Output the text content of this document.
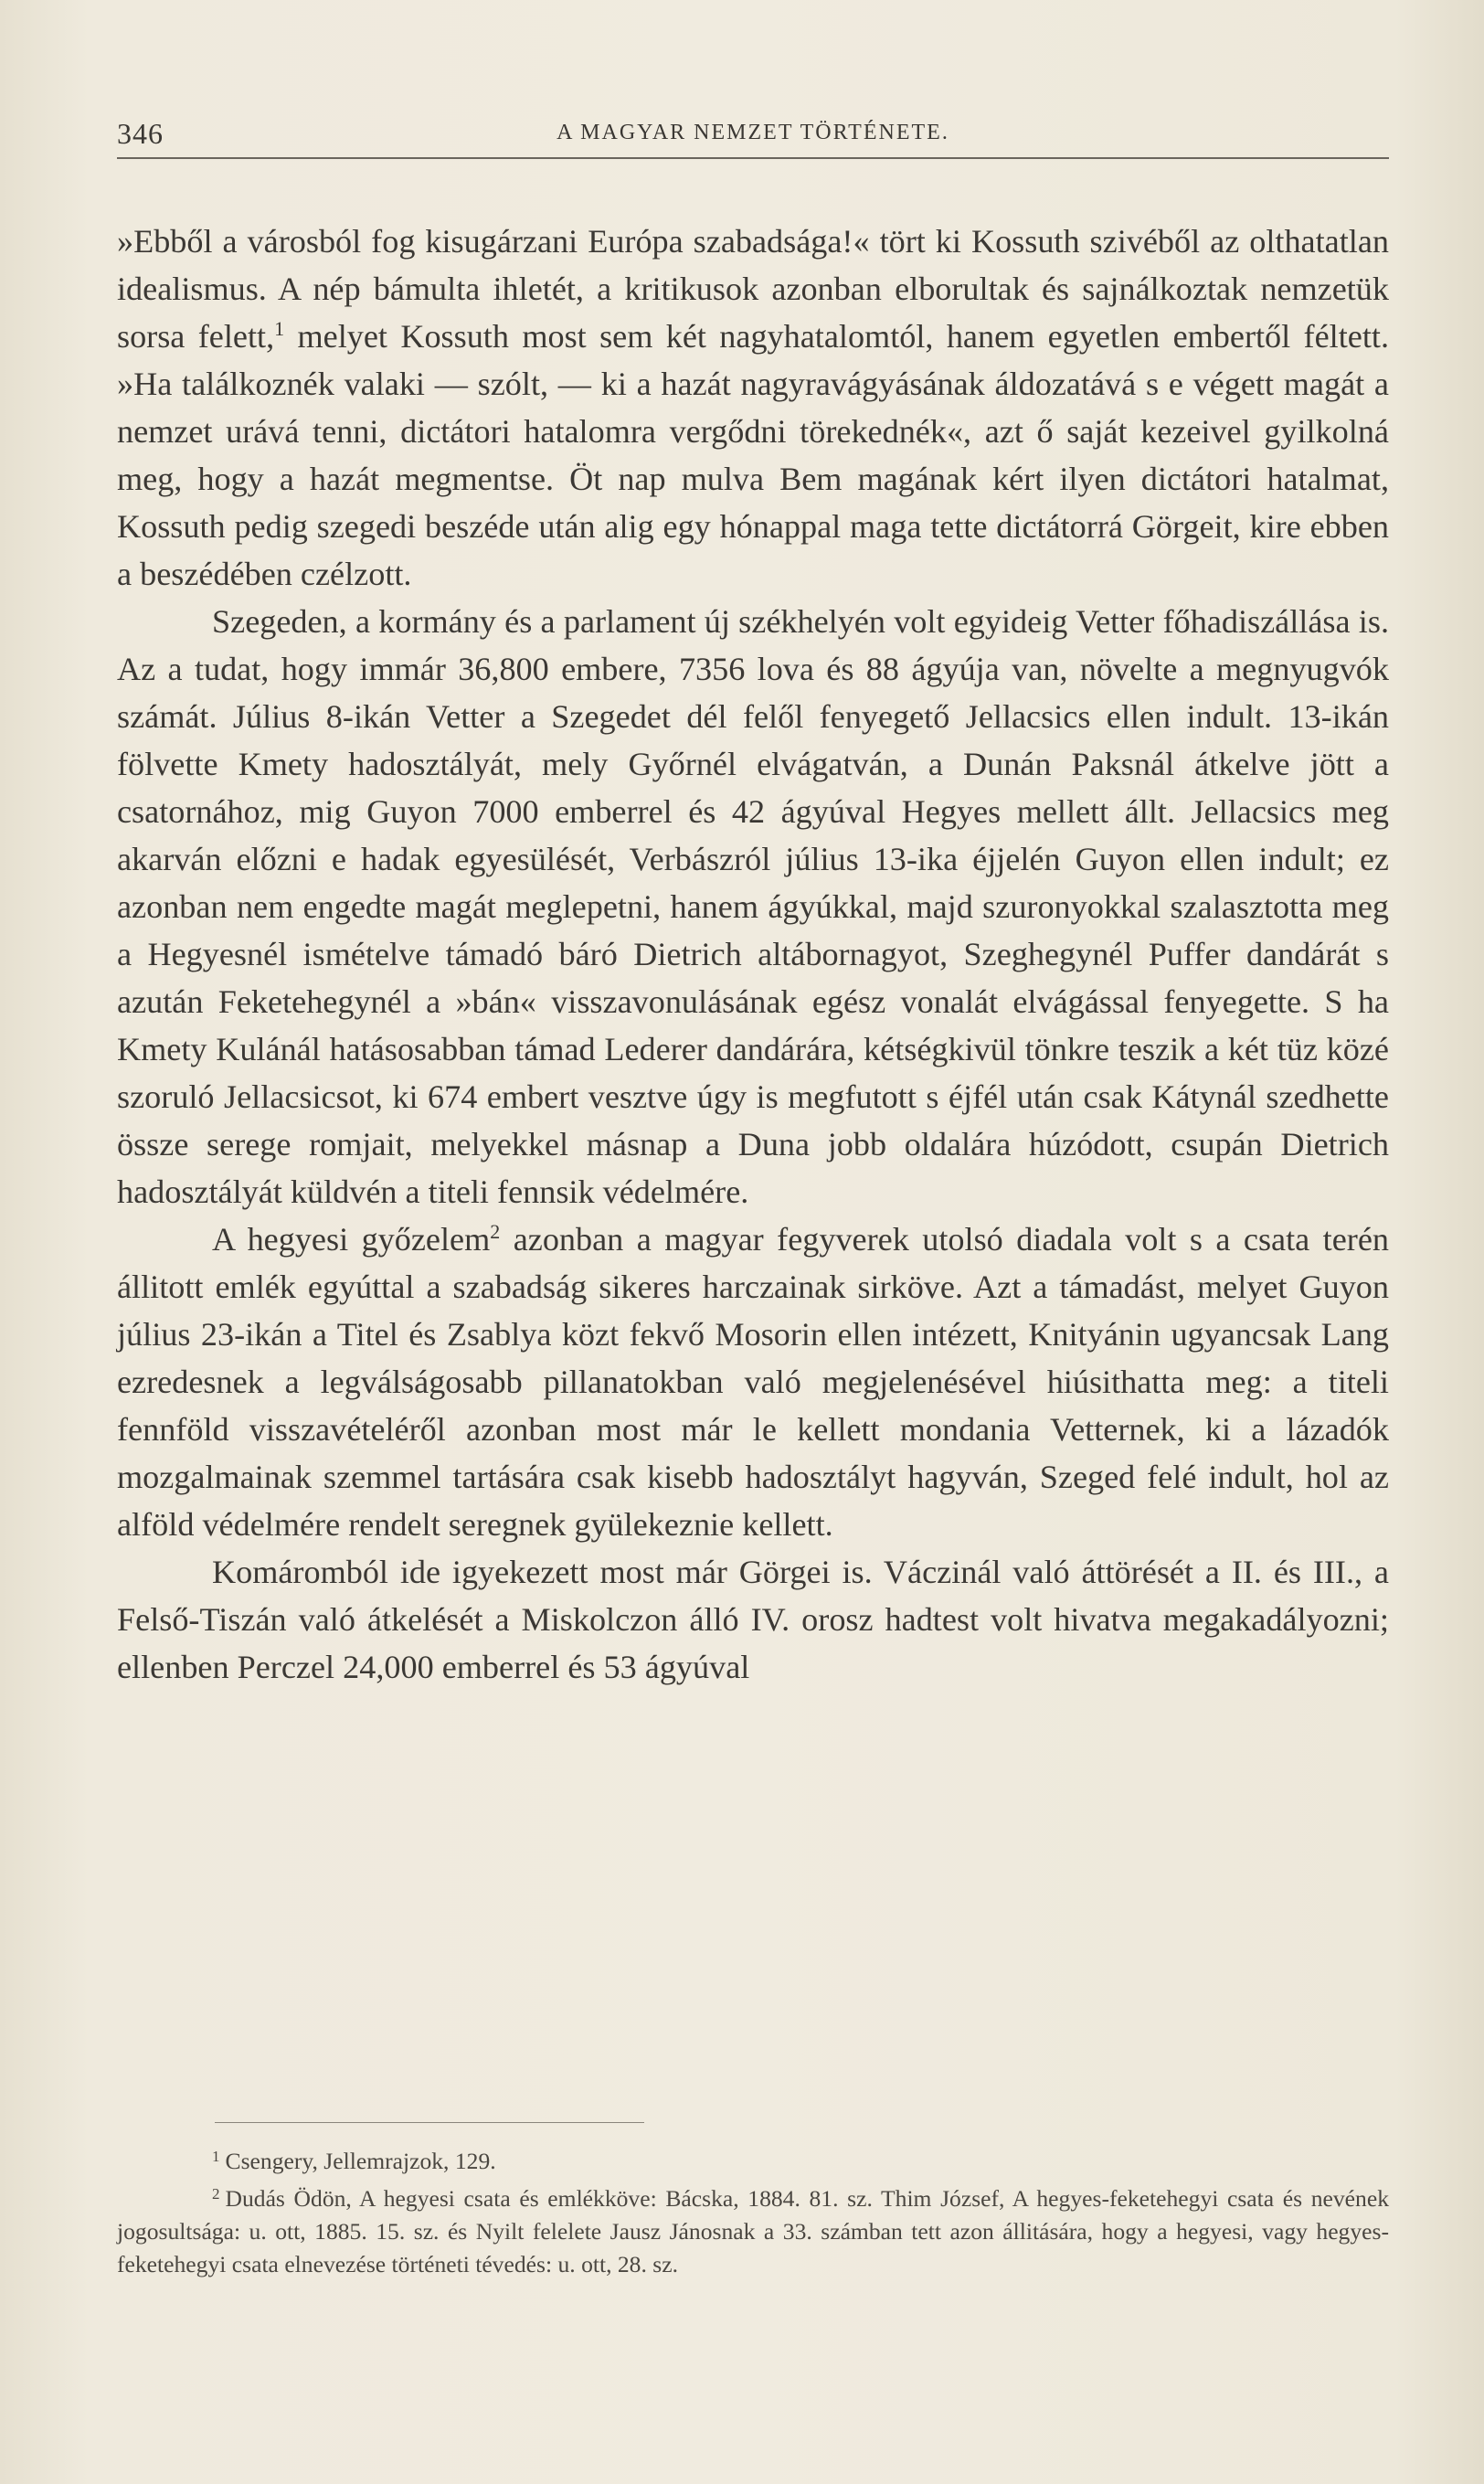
346	A MAGYAR NEMZET TÖRTÉNETE.

»Ebből a városból fog kisugárzani Európa szabadsága!« tört ki Kossuth szivéből az olthatatlan idealismus. A nép bámulta ihletét, a kritikusok azonban elborultak és sajnálkoztak nemzetük sorsa felett,$^1$ melyet Kossuth most sem két nagyhatalomtól, hanem egyetlen embertől féltett. »Ha találkoznék valaki — szólt, — ki a hazát nagyravágyásának áldozatává s e végett magát a nemzet urává tenni, dictátori hatalomra vergődni törekednék«, azt ő saját kezeivel gyilkolná meg, hogy a hazát megmentse. Öt nap mulva Bem magának kért ilyen dictátori hatalmat, Kossuth pedig szegedi beszéde után alig egy hónappal maga tette dictátorrá Görgeit, kire ebben a beszédében czélzott.

Szegeden, a kormány és a parlament új székhelyén volt egyideig Vetter főhadiszállása is. Az a tudat, hogy immár 36,800 embere, 7356 lova és 88 ágyúja van, növelte a megnyugvók számát. Július 8-ikán Vetter a Szegedet dél felől fenyegető Jellacsics ellen indult. 13-ikán fölvette Kmety hadosztályát, mely Győrnél elvágatván, a Dunán Paksnál átkelve jött a csatornához, mig Guyon 7000 emberrel és 42 ágyúval Hegyes mellett állt. Jellacsics meg akarván előzni e hadak egyesülését, Verbászról július 13-ika éjjelén Guyon ellen indult; ez azonban nem engedte magát meglepetni, hanem ágyúkkal, majd szuronyokkal szalasztotta meg a Hegyesnél ismételve támadó báró Dietrich altábornagyot, Szeghegynél Puffer dandárát s azután Feketehegynél a »bán« visszavonulásának egész vonalát elvágással fenyegette. S ha Kmety Kulánál hatásosabban támad Lederer dandárára, kétségkivül tönkre teszik a két tüz közé szoruló Jellacsicsot, ki 674 embert vesztve úgy is megfutott s éjfél után csak Kátynál szedhette össze serege romjait, melyekkel másnap a Duna jobb oldalára húzódott, csupán Dietrich hadosztályát küldvén a titeli fennsik védelmére.

A hegyesi győzelem$^2$ azonban a magyar fegyverek utolsó diadala volt s a csata terén állitott emlék egyúttal a szabadság sikeres harczainak sirköve. Azt a támadást, melyet Guyon július 23-ikán a Titel és Zsablya közt fekvő Mosorin ellen intézett, Knityánin ugyancsak Lang ezredesnek a legválságosabb pillanatokban való megjelenésével hiúsithatta meg: a titeli fennföld visszavételéről azonban most már le kellett mondania Vetternek, ki a lázadók mozgalmainak szemmel tartására csak kisebb hadosztályt hagyván, Szeged felé indult, hol az alföld védelmére rendelt seregnek gyülekeznie kellett.

Komáromból ide igyekezett most már Görgei is. Váczinál való áttörését a II. és III., a Felső-Tiszán való átkelését a Miskolczon álló IV. orosz hadtest volt hivatva megakadályozni; ellenben Perczel 24,000 emberrel és 53 ágyúval

$^1$ Csengery, Jellemrajzok, 129.

$^2$ Dudás Ödön, A hegyesi csata és emlékköve: Bácska, 1884. 81. sz. Thim József, A hegyes-feketehegyi csata és nevének jogosultsága: u. ott, 1885. 15. sz. és Nyilt felelete Jausz Jánosnak a 33. számban tett azon állitására, hogy a hegyesi, vagy hegyes-feketehegyi csata elnevezése történeti tévedés: u. ott, 28. sz.
